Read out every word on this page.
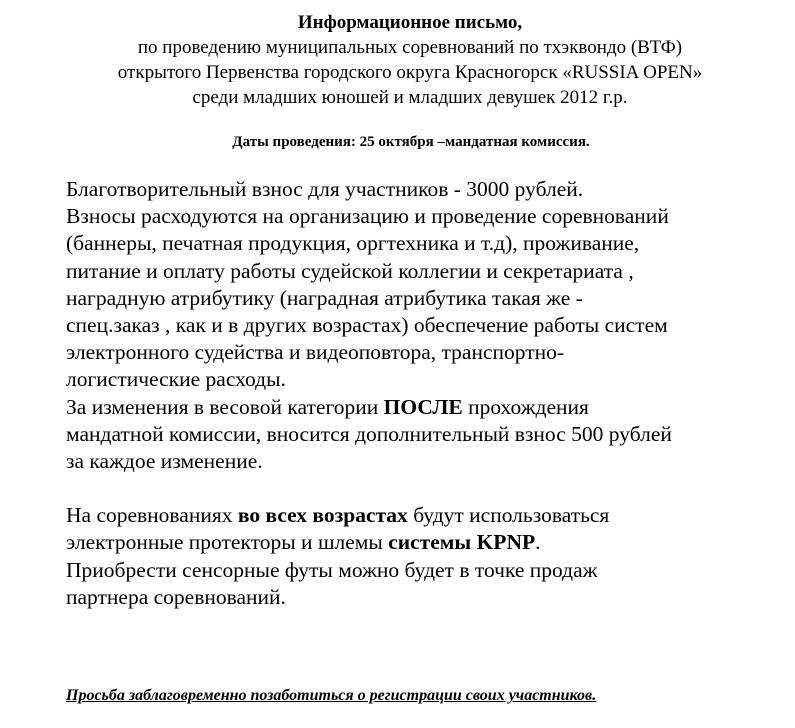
Информационное письмо,
по проведению муниципальных соревнований по тхэквондо (ВТФ)
открытого Первенства городского округа Красногорск «RUSSIA OPEN»
среди младших юношей и младших девушек 2012 г.р.
Даты проведения: 25 октября –мандатная комиссия.
Благотворительный взнос для участников - 3000 рублей.
Взносы расходуются на организацию и проведение соревнований
(баннеры, печатная продукция, оргтехника и т.д), проживание,
питание и оплату работы судейской коллегии и секретариата ,
наградную атрибутику (наградная атрибутика такая же -
спец.заказ , как и в других возрастах) обеспечение работы систем
электронного судейства и видеоповтора, транспортно-
логистические расходы.
За изменения в весовой категории ПОСЛЕ прохождения
мандатной комиссии, вносится дополнительный взнос 500 рублей
за каждое изменение.
На соревнованиях во всех возрастах будут использоваться
электронные протекторы и шлемы системы KPNP.
Приобрести сенсорные футы можно будет в точке продаж
партнера соревнований.
Просьба заблаговременно позаботиться о регистрации своих участников.
